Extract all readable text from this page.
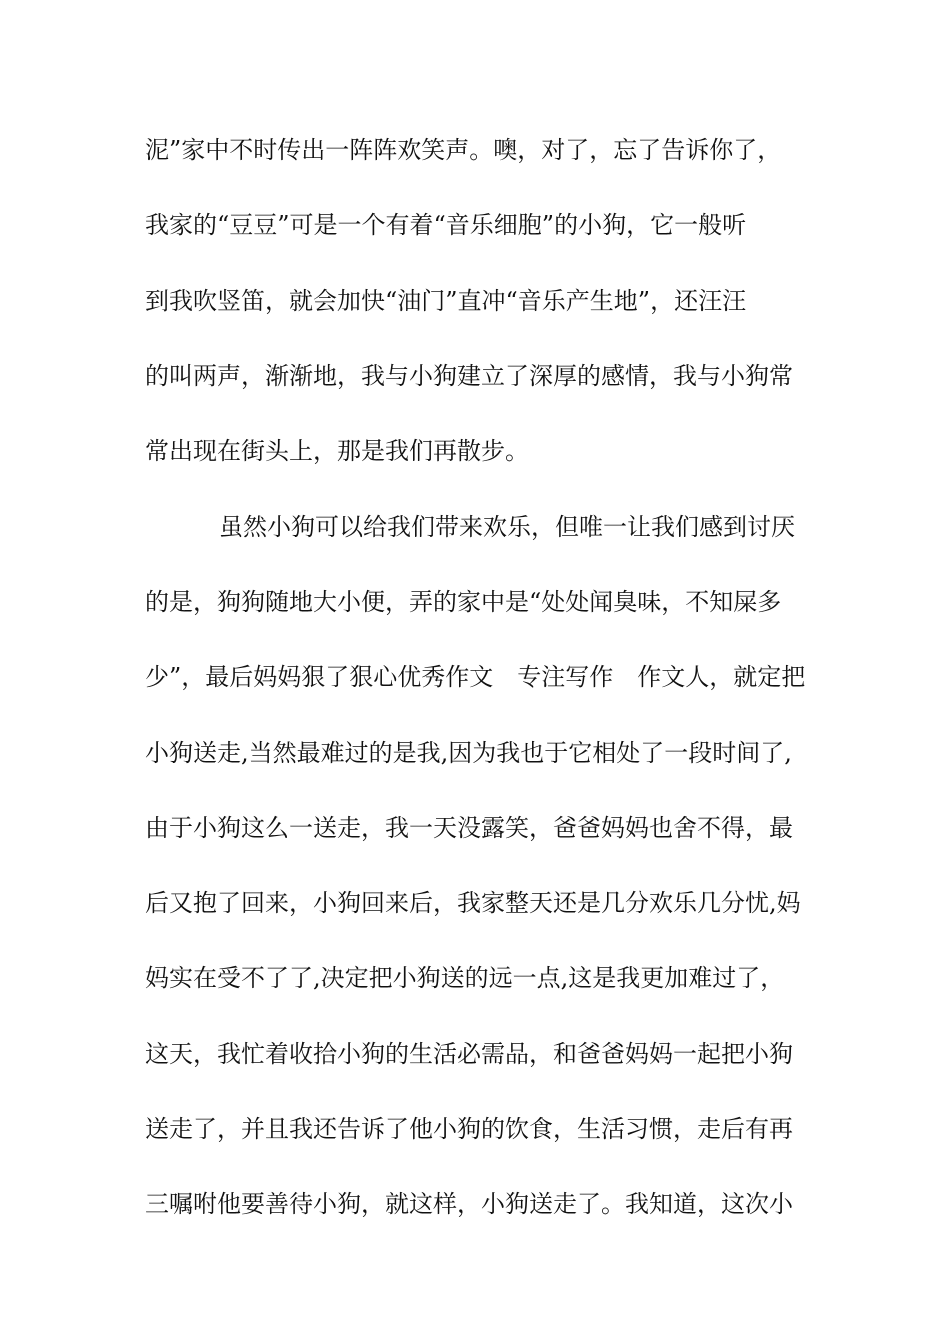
泥”家中不时传出一阵阵欢笑声。噢，对了，忘了告诉你了，
我家的“豆豆”可是一个有着“音乐细胞”的小狗，它一般听
到我吹竖笛，就会加快“油门”直冲“音乐产生地”，还汪汪
的叫两声，渐渐地，我与小狗建立了深厚的感情，我与小狗常
常出现在街头上，那是我们再散步。
虽然小狗可以给我们带来欢乐，但唯一让我们感到讨厌
的是，狗狗随地大小便，弄的家中是“处处闻臭味，不知屎多
少”，最后妈妈狠了狠心优秀作文　专注写作　作文人，就定把
小狗送走,当然最难过的是我,因为我也于它相处了一段时间了,
由于小狗这么一送走，我一天没露笑，爸爸妈妈也舍不得，最
后又抱了回来，小狗回来后，我家整天还是几分欢乐几分忧,妈
妈实在受不了了,决定把小狗送的远一点,这是我更加难过了，
这天，我忙着收拾小狗的生活必需品，和爸爸妈妈一起把小狗
送走了，并且我还告诉了他小狗的饮食，生活习惯，走后有再
三嘱咐他要善待小狗，就这样，小狗送走了。我知道，这次小
